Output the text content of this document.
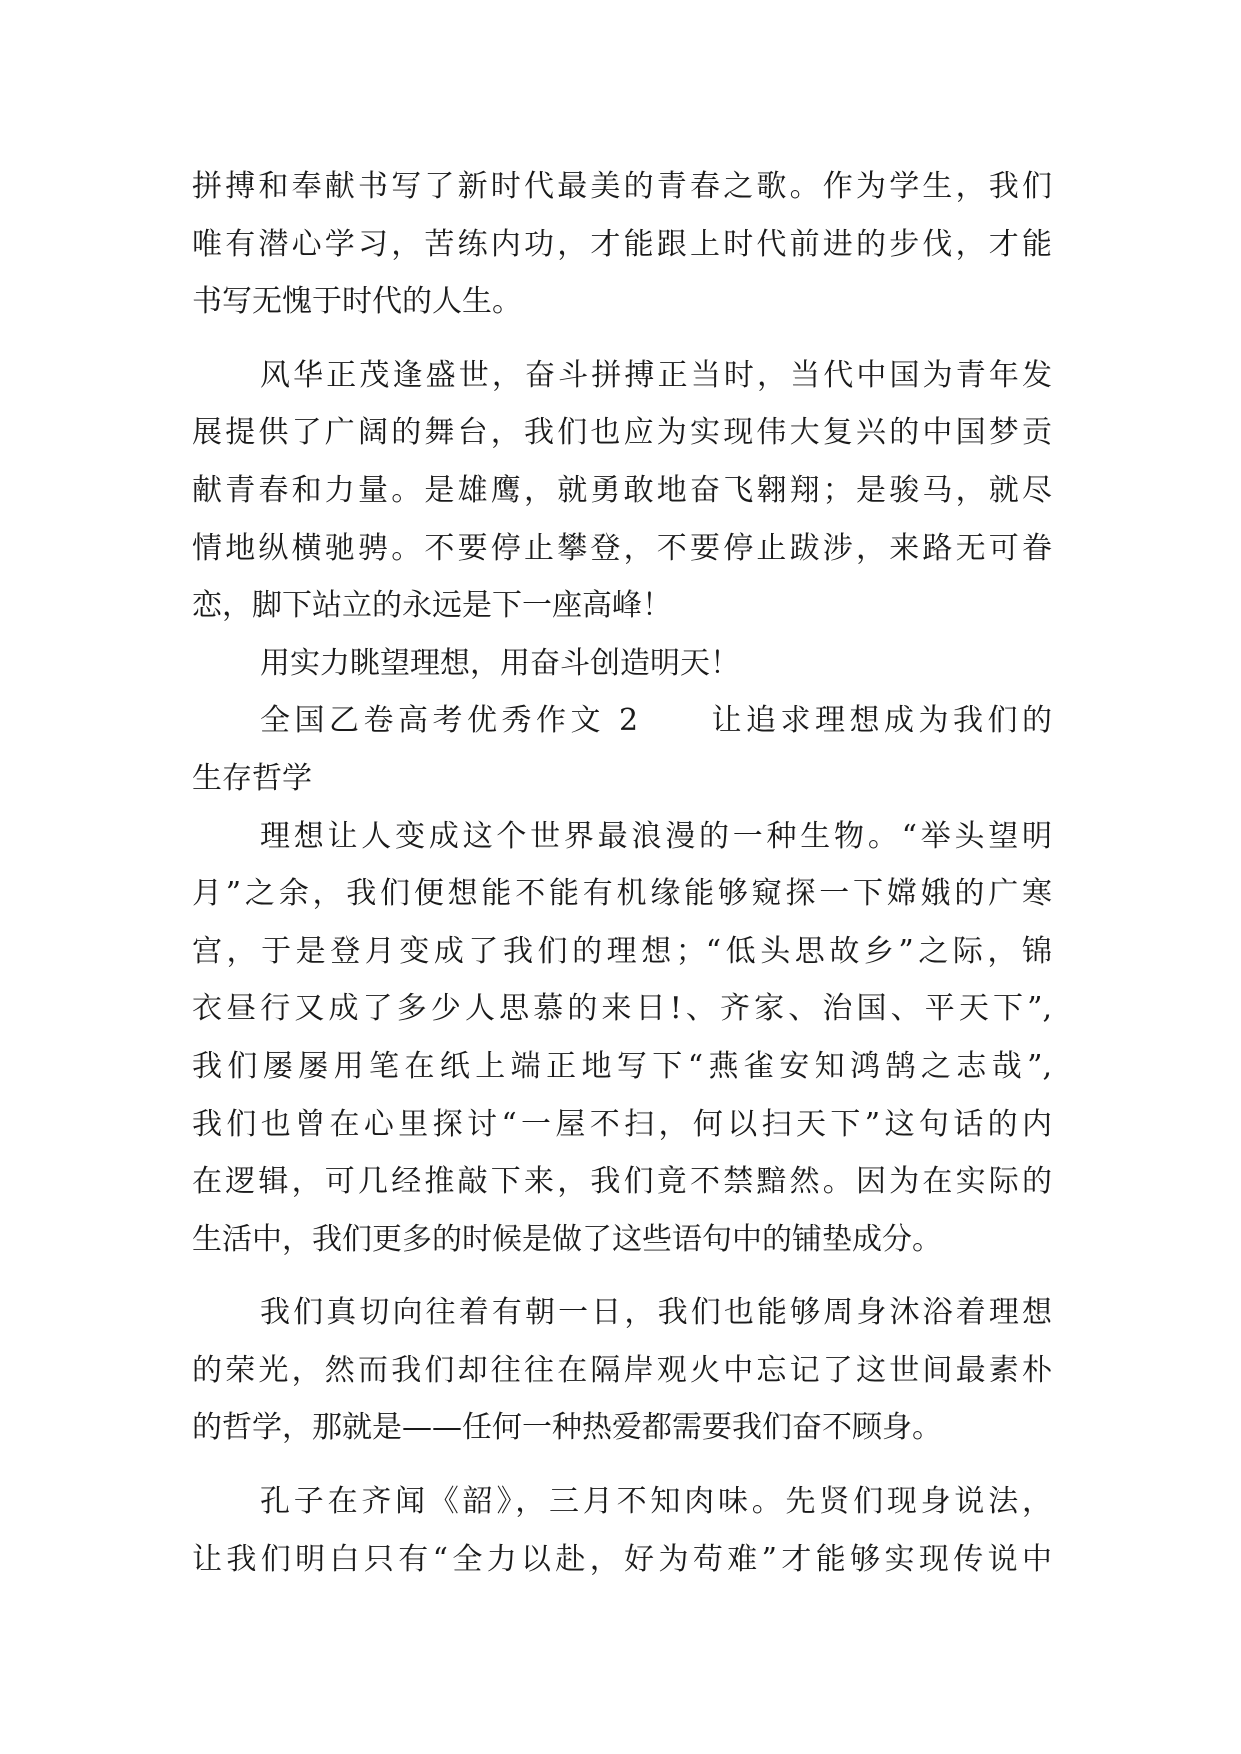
拼搏和奉献书写了新时代最美的青春之歌。作为学生，我们
唯有潜心学习，苦练内功，才能跟上时代前进的步伐，才能
书写无愧于时代的人生。
风华正茂逢盛世，奋斗拼搏正当时，当代中国为青年发
展提供了广阔的舞台，我们也应为实现伟大复兴的中国梦贡
献青春和力量。是雄鹰，就勇敢地奋飞翱翔；是骏马，就尽
情地纵横驰骋。不要停止攀登，不要停止跋涉，来路无可眷
恋，脚下站立的永远是下一座高峰！
用实力眺望理想，用奋斗创造明天！
全国乙卷高考优秀作文 2　　让追求理想成为我们的
生存哲学
理想让人变成这个世界最浪漫的一种生物。“举头望明
月”之余，我们便想能不能有机缘能够窥探一下嫦娥的广寒
宫，于是登月变成了我们的理想；“低头思故乡”之际，锦
衣昼行又成了多少人思慕的来日!、齐家、治国、平天下”,
我们屡屡用笔在纸上端正地写下“燕雀安知鸿鹄之志哉”,
我们也曾在心里探讨“一屋不扫，何以扫天下”这句话的内
在逻辑，可几经推敲下来，我们竟不禁黯然。因为在实际的
生活中，我们更多的时候是做了这些语句中的铺垫成分。
我们真切向往着有朝一日，我们也能够周身沐浴着理想
的荣光，然而我们却往往在隔岸观火中忘记了这世间最素朴
的哲学，那就是——任何一种热爱都需要我们奋不顾身。
孔子在齐闻《韶》，三月不知肉味。先贤们现身说法，
让我们明白只有“全力以赴，好为苟难”才能够实现传说中
